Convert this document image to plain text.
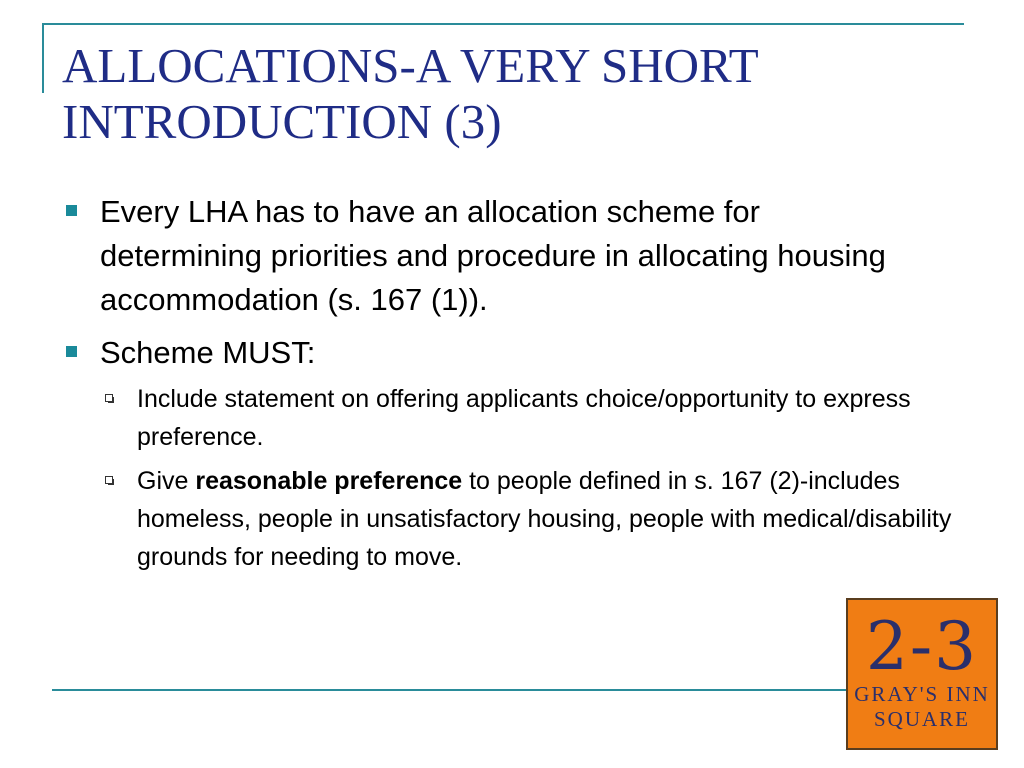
ALLOCATIONS-A VERY SHORT INTRODUCTION (3)
Every LHA has to have an allocation scheme for determining priorities and procedure in allocating housing accommodation (s. 167 (1)).
Scheme MUST:
Include statement on offering applicants choice/opportunity to express preference.
Give reasonable preference to people defined in s. 167 (2)-includes homeless, people in unsatisfactory housing, people with medical/disability grounds for needing to move.
2-3
GRAY'S INN
SQUARE
